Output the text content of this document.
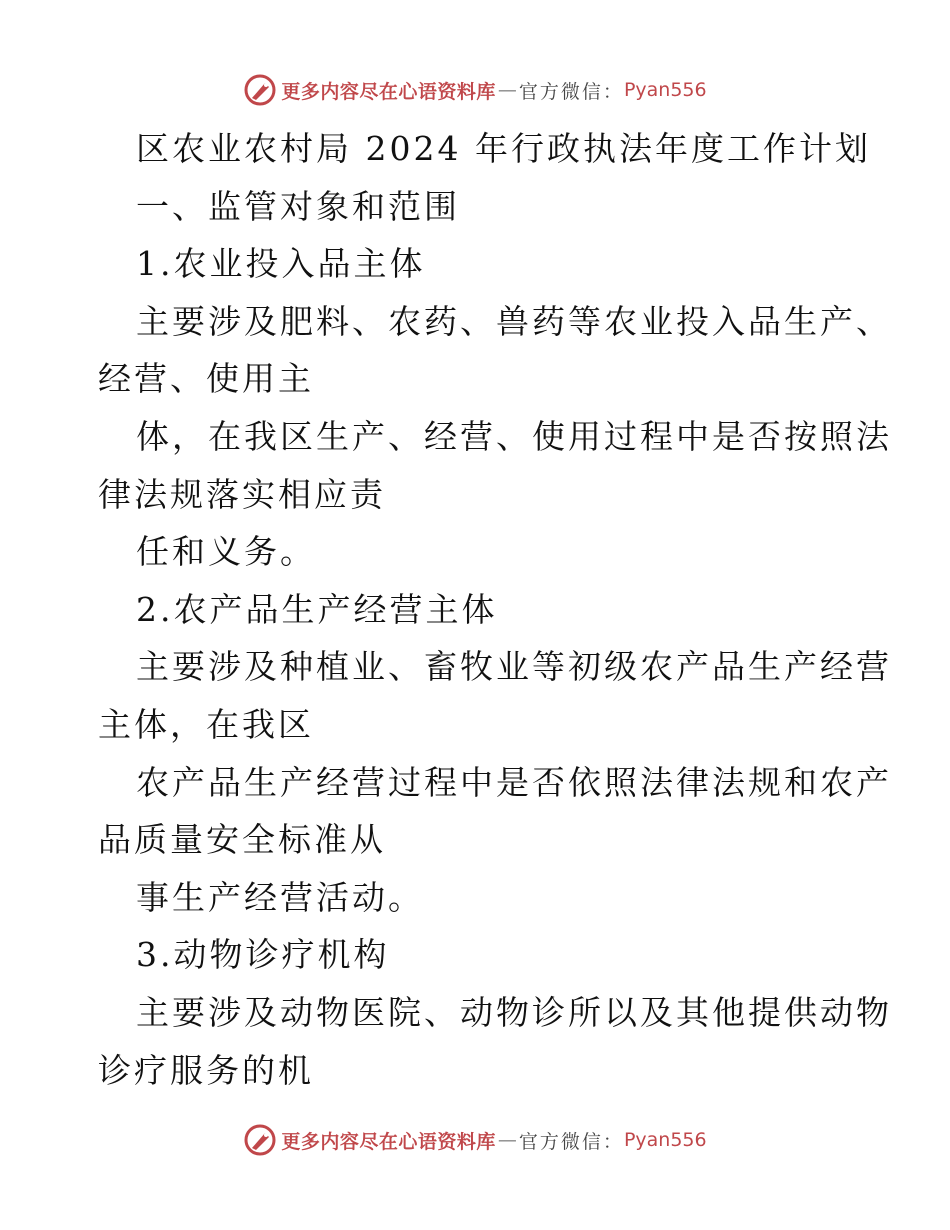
更多内容尽在心语资料库 — 官方微信： Pyan556
区农业农村局 2024 年行政执法年度工作计划
一、监管对象和范围
1.农业投入品主体
主要涉及肥料、农药、兽药等农业投入品生产、
经营、使用主
体，在我区生产、经营、使用过程中是否按照法
律法规落实相应责
任和义务。
2.农产品生产经营主体
主要涉及种植业、畜牧业等初级农产品生产经营
主体，在我区
农产品生产经营过程中是否依照法律法规和农产
品质量安全标准从
事生产经营活动。
3.动物诊疗机构
主要涉及动物医院、动物诊所以及其他提供动物
诊疗服务的机
更多内容尽在心语资料库 — 官方微信： Pyan556
